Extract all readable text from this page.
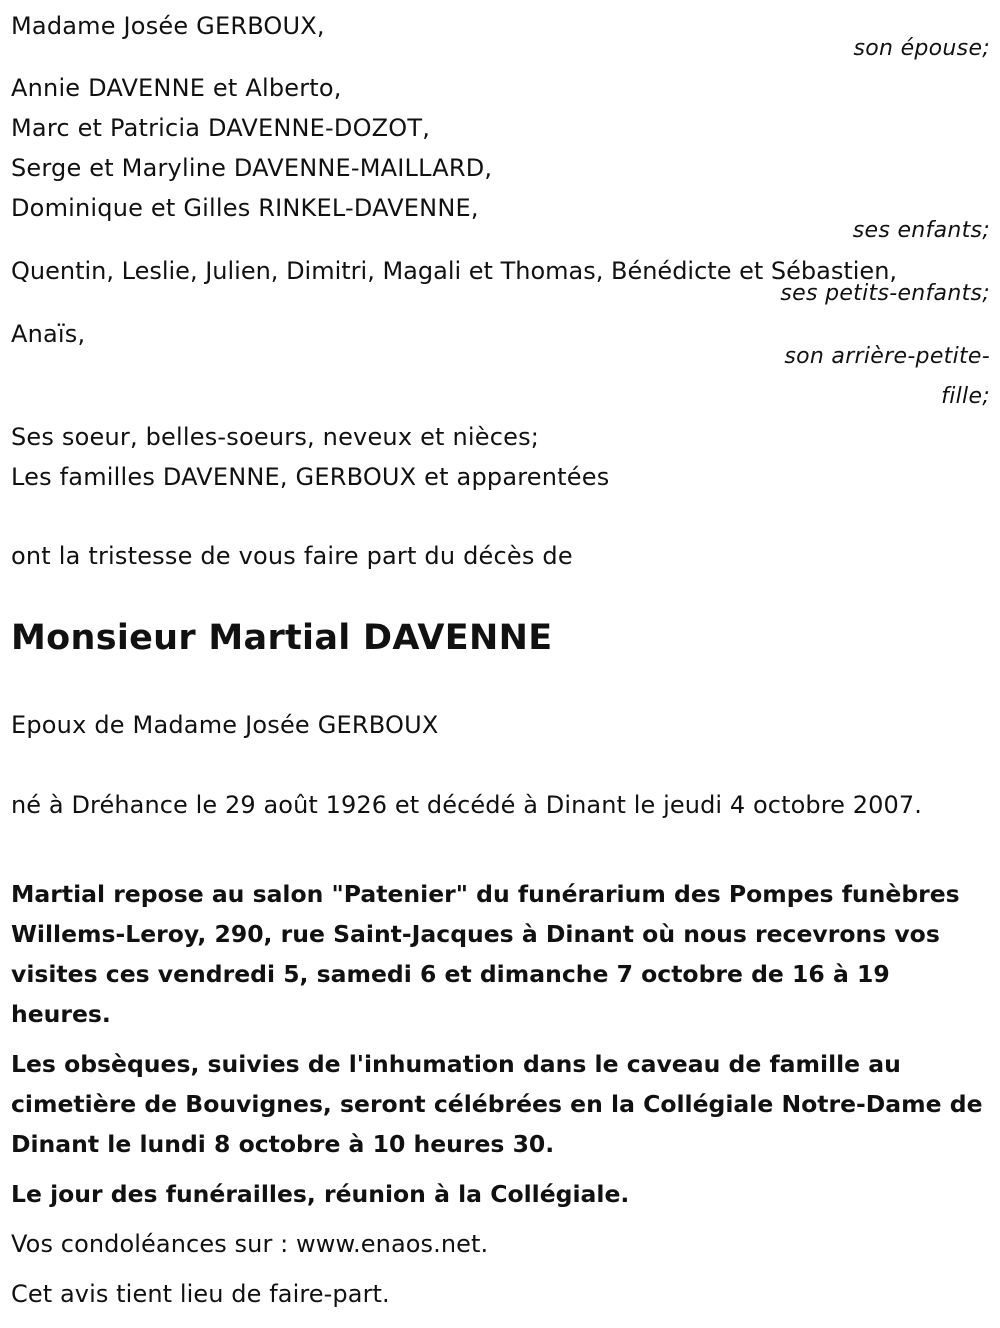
Madame Josée GERBOUX,
son épouse;
Annie DAVENNE et Alberto,
Marc et Patricia DAVENNE-DOZOT,
Serge et Maryline DAVENNE-MAILLARD,
Dominique et Gilles RINKEL-DAVENNE,
ses enfants;
Quentin, Leslie, Julien, Dimitri, Magali et Thomas, Bénédicte et Sébastien,
ses petits-enfants;
Anaïs,
son arrière-petite-
fille;
Ses soeur, belles-soeurs, neveux et nièces;
Les familles DAVENNE, GERBOUX et apparentées
ont la tristesse de vous faire part du décès de
Monsieur Martial DAVENNE
Epoux de Madame Josée GERBOUX
né à Dréhance le 29 août 1926 et décédé à Dinant le jeudi 4 octobre 2007.
Martial repose au salon "Patenier" du funérarium des Pompes funèbres Willems-Leroy, 290, rue Saint-Jacques à Dinant où nous recevrons vos visites ces vendredi 5, samedi 6 et dimanche 7 octobre de 16 à 19 heures.
Les obsèques, suivies de l'inhumation dans le caveau de famille au cimetière de Bouvignes, seront célébrées en la Collégiale Notre-Dame de Dinant le lundi 8 octobre à 10 heures 30.
Le jour des funérailles, réunion à la Collégiale.
Vos condoléances sur : www.enaos.net.
Cet avis tient lieu de faire-part.
